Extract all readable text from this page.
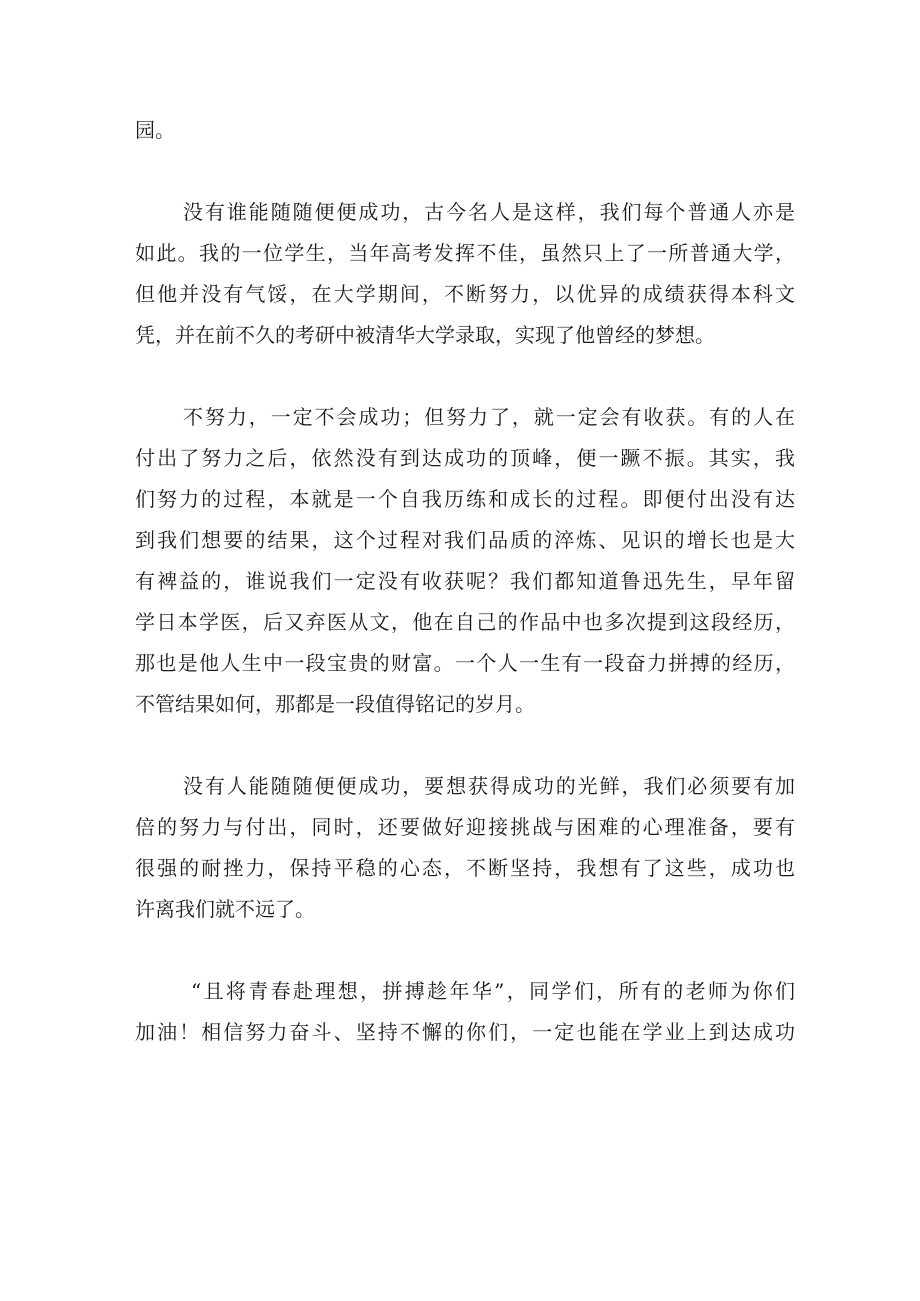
园。
没有谁能随随便便成功，古今名人是这样，我们每个普通人亦是
如此。我的一位学生，当年高考发挥不佳，虽然只上了一所普通大学，
但他并没有气馁，在大学期间，不断努力，以优异的成绩获得本科文
凭，并在前不久的考研中被清华大学录取，实现了他曾经的梦想。
不努力，一定不会成功；但努力了，就一定会有收获。有的人在
付出了努力之后，依然没有到达成功的顶峰，便一蹶不振。其实，我
们努力的过程，本就是一个自我历练和成长的过程。即便付出没有达
到我们想要的结果，这个过程对我们品质的淬炼、见识的增长也是大
有裨益的，谁说我们一定没有收获呢？我们都知道鲁迅先生，早年留
学日本学医，后又弃医从文，他在自己的作品中也多次提到这段经历，
那也是他人生中一段宝贵的财富。一个人一生有一段奋力拼搏的经历，
不管结果如何，那都是一段值得铭记的岁月。
没有人能随随便便成功，要想获得成功的光鲜，我们必须要有加
倍的努力与付出，同时，还要做好迎接挑战与困难的心理准备，要有
很强的耐挫力，保持平稳的心态，不断坚持，我想有了这些，成功也
许离我们就不远了。
“且将青春赴理想，拼搏趁年华”，同学们，所有的老师为你们
加油！相信努力奋斗、坚持不懈的你们，一定也能在学业上到达成功
